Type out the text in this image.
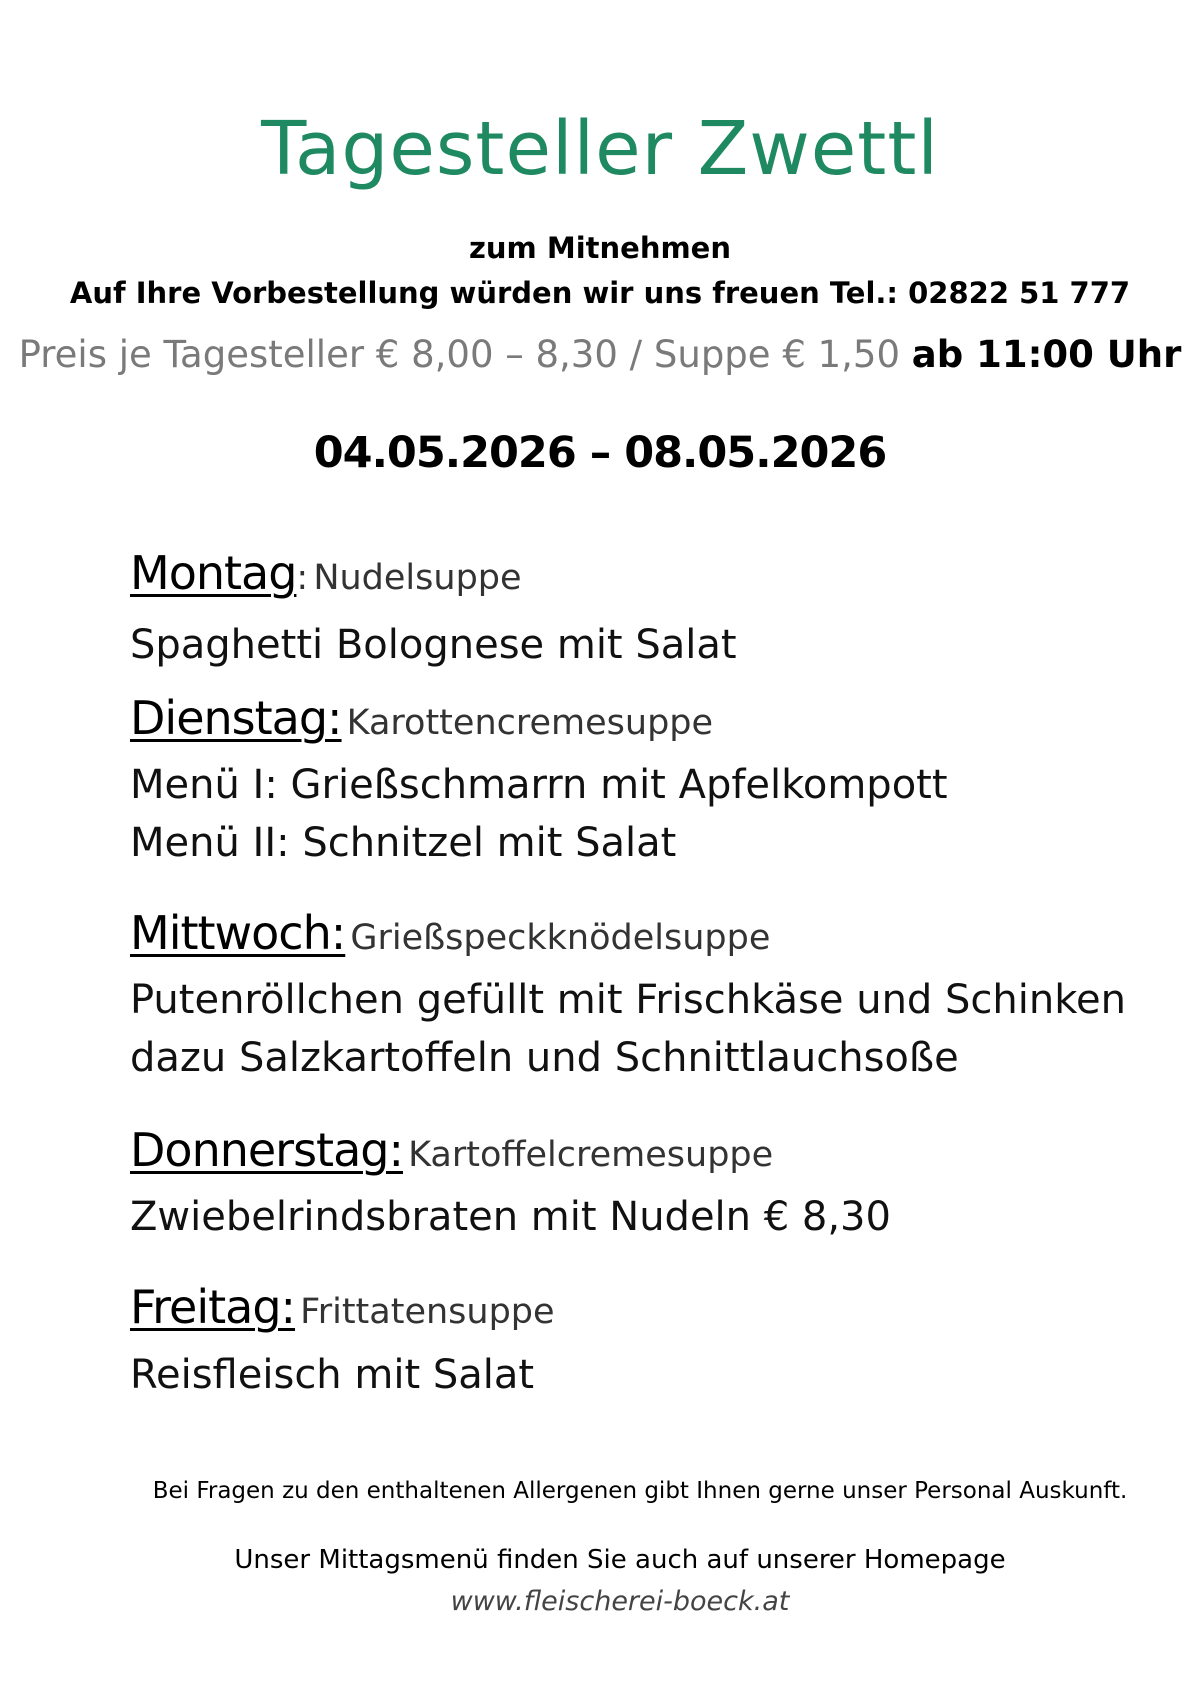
Tagesteller Zwettl
zum Mitnehmen
Auf Ihre Vorbestellung würden wir uns freuen Tel.: 02822 51 777
Preis je Tagesteller € 8,00 – 8,30 / Suppe € 1,50 ab 11:00 Uhr
04.05.2026 – 08.05.2026
Montag: Nudelsuppe
Spaghetti Bolognese mit Salat
Dienstag: Karottencremesuppe
Menü I: Grießschmarrn mit Apfelkompott
Menü II: Schnitzel mit Salat
Mittwoch: Grießspeckknödelsuppe
Putenröllchen gefüllt mit Frischkäse und Schinken
dazu Salzkartoffeln und Schnittlauchsoße
Donnerstag: Kartoffelcremesuppe
Zwiebelrindsbraten mit Nudeln € 8,30
Freitag: Frittatensuppe
Reisfleisch mit Salat
Bei Fragen zu den enthaltenen Allergenen gibt Ihnen gerne unser Personal Auskunft.
Unser Mittagsmenü finden Sie auch auf unserer Homepage
www.fleischerei-boeck.at
